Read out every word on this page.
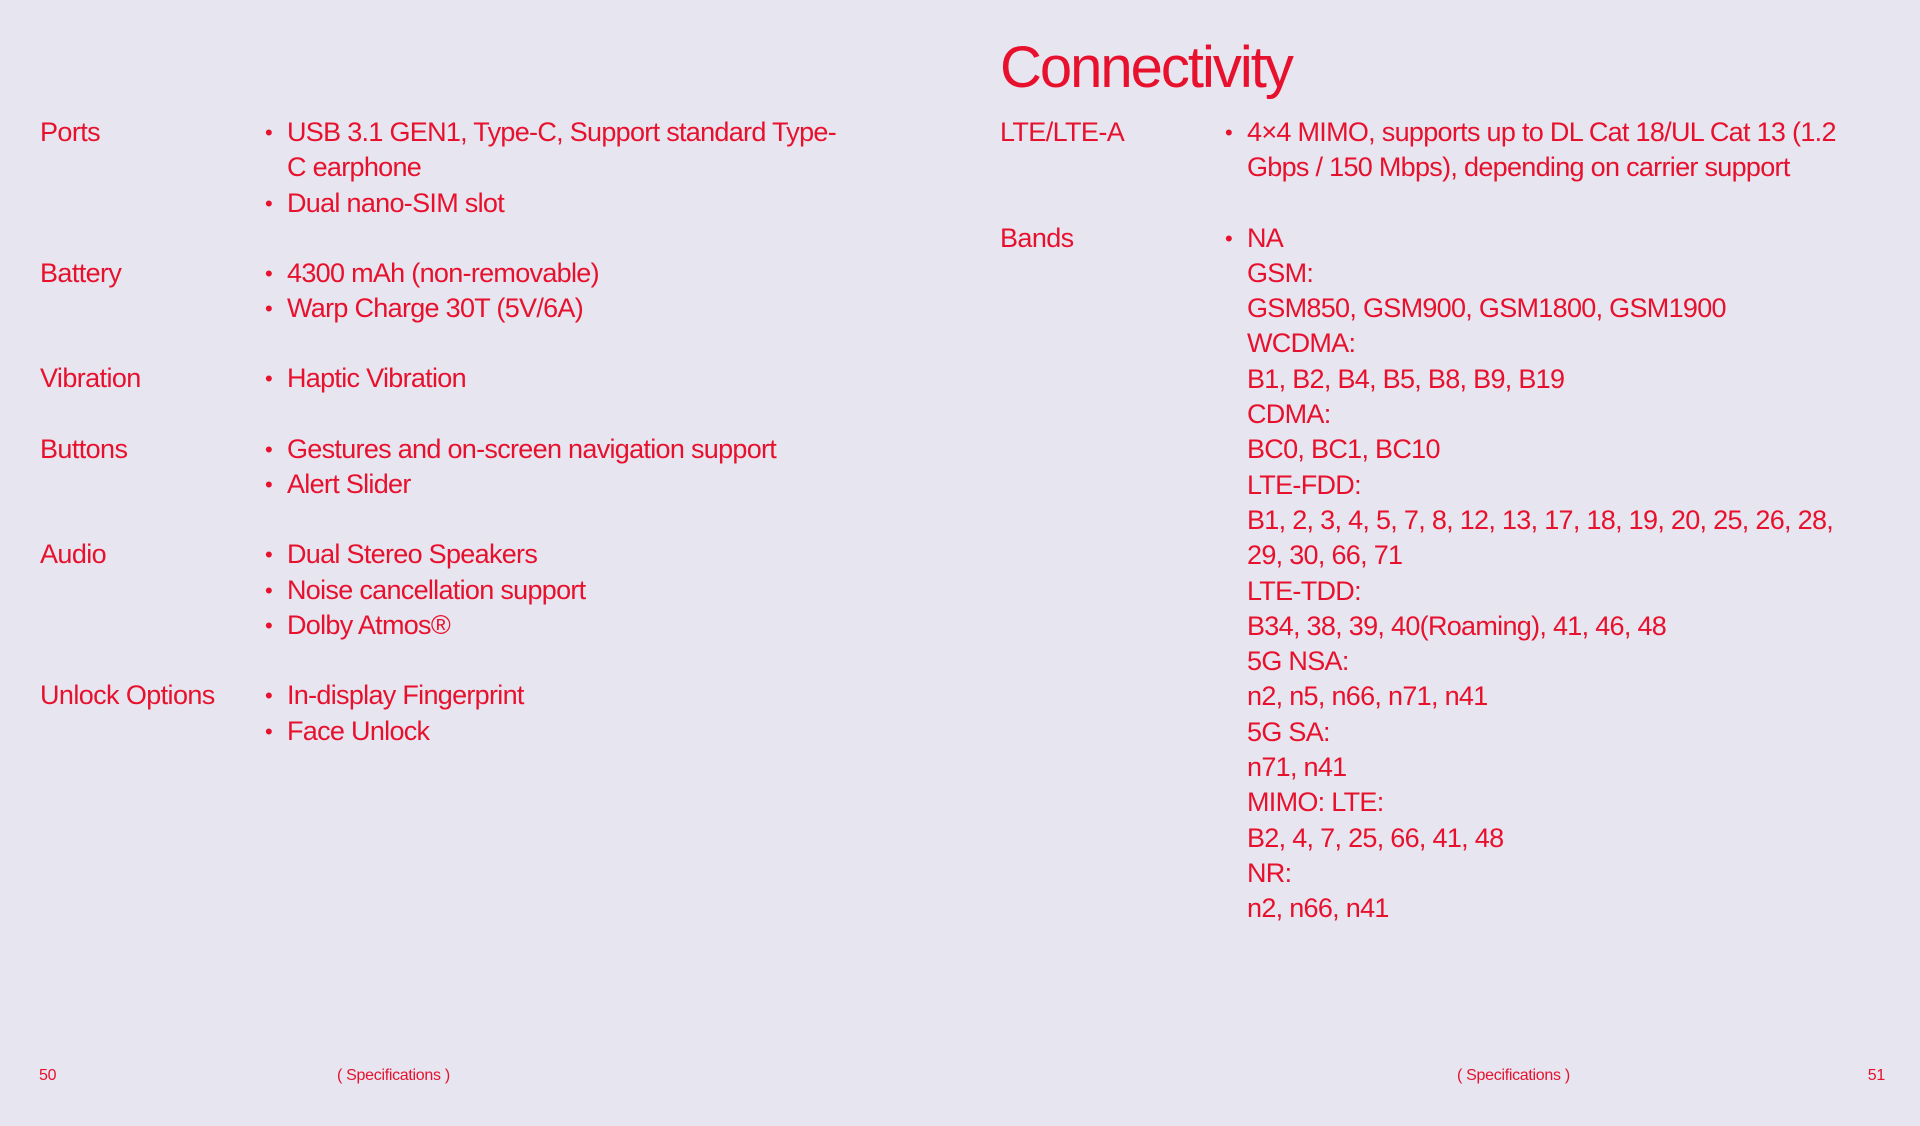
Ports	• USB 3.1 GEN1, Type-C, Support standard Type-C earphone
• Dual nano-SIM slot
Battery	• 4300 mAh (non-removable)
• Warp Charge 30T (5V/6A)
Vibration	• Haptic Vibration
Buttons	• Gestures and on-screen navigation support
• Alert Slider
Audio	• Dual Stereo Speakers
• Noise cancellation support
• Dolby Atmos®
Unlock Options	• In-display Fingerprint
• Face Unlock
50	( Specifications )
Connectivity
LTE/LTE-A	• 4×4 MIMO, supports up to DL Cat 18/UL Cat 13 (1.2 Gbps / 150 Mbps), depending on carrier support
Bands	• NA
GSM:
GSM850, GSM900, GSM1800, GSM1900
WCDMA:
B1, B2, B4, B5, B8, B9, B19
CDMA:
BC0, BC1, BC10
LTE-FDD:
B1, 2, 3, 4, 5, 7, 8, 12, 13, 17, 18, 19, 20, 25, 26, 28, 29, 30, 66, 71
LTE-TDD:
B34, 38, 39, 40(Roaming), 41, 46, 48
5G NSA:
n2, n5, n66, n71, n41
5G SA:
n71, n41
MIMO: LTE:
B2, 4, 7, 25, 66, 41, 48
NR:
n2, n66, n41
( Specifications )	51
